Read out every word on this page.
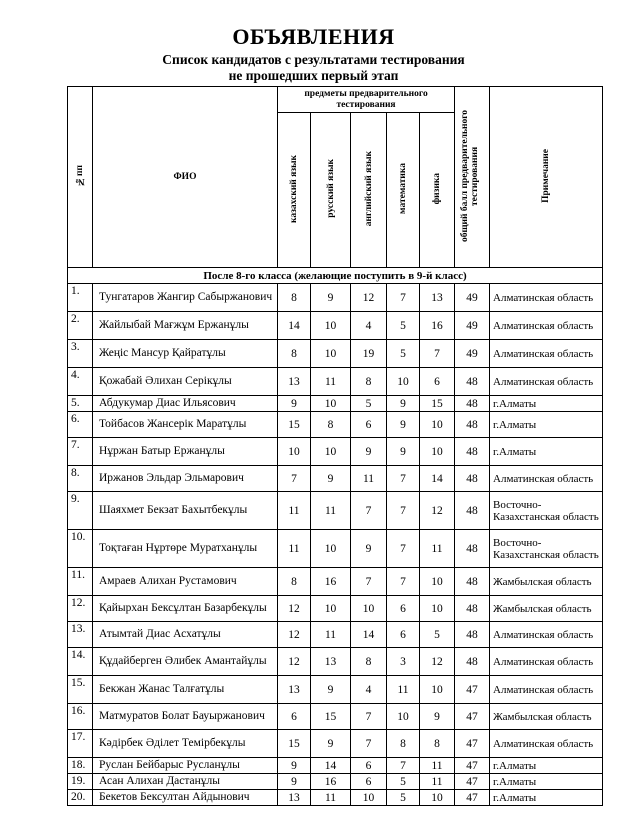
ОБЪЯВЛЕНИЯ
Список кандидатов с результатами тестирования
не прошедших первый этап
№пп	ФИО	предметы предварительного тестирования					общий балл предварительного тестирования	Примечание
		казахский язык	русский язык	английский язык	математика	физика		
После 8-го класса (желающие поступить в 9-й класс)								
1.	Тунгатаров Жангир Сабыржанович	8	9	12	7	13	49	Алматинская область
2.	Жайлыбай Мағжұм Ержанұлы	14	10	4	5	16	49	Алматинская область
3.	Жеңіс Мансур Қайратұлы	8	10	19	5	7	49	Алматинская область
4.	Қожабай Әлихан Серікұлы	13	11	8	10	6	48	Алматинская область
5.	Абдукумар Диас Ильясович	9	10	5	9	15	48	г.Алматы
6.	Тойбасов Жансерік Маратұлы	15	8	6	9	10	48	г.Алматы
7.	Нұржан Батыр Ержанұлы	10	10	9	9	10	48	г.Алматы
8.	Иржанов Эльдар Эльмарович	7	9	11	7	14	48	Алматинская область
9.	Шаяхмет Бекзат Бахытбекұлы	11	11	7	7	12	48	Восточно-Казахстанская область
10.	Тоқтаған Нұртөре Муратханұлы	11	10	9	7	11	48	Восточно-Казахстанская область
11.	Амраев Алихан Рустамович	8	16	7	7	10	48	Жамбылская область
12.	Қайырхан Бексұлтан Базарбекұлы	12	10	10	6	10	48	Жамбылская область
13.	Атымтай Диас Асхатұлы	12	11	14	6	5	48	Алматинская область
14.	Құдайберген Әлибек Амантайұлы	12	13	8	3	12	48	Алматинская область
15.	Бекжан Жанас Талғатұлы	13	9	4	11	10	47	Алматинская область
16.	Матмуратов Болат Бауыржанович	6	15	7	10	9	47	Жамбылская область
17.	Кәдірбек Әділет Темірбекұлы	15	9	7	8	8	47	Алматинская область
18.	Руслан Бейбарыс Русланұлы	9	14	6	7	11	47	г.Алматы
19.	Асан Алихан Дастанұлы	9	16	6	5	11	47	г.Алматы
20.	Бекетов Бексултан Айдынович	13	11	10	5	10	47	г.Алматы
